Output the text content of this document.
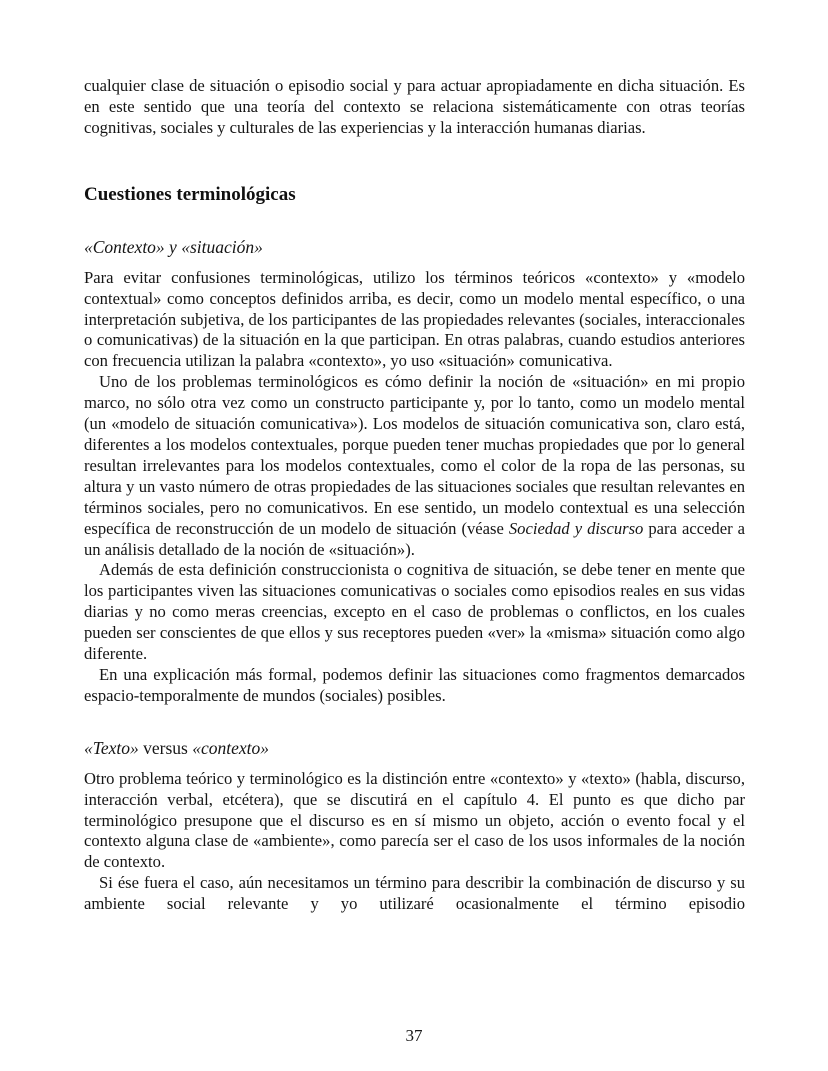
cualquier clase de situación o episodio social y para actuar apropiadamente en dicha situación. Es en este sentido que una teoría del contexto se relaciona sistemáticamente con otras teorías cognitivas, sociales y culturales de las experiencias y la interacción humanas diarias.

Cuestiones terminológicas
«Contexto» y «situación»

Para evitar confusiones terminológicas, utilizo los términos teóricos «contexto» y «modelo contextual» como conceptos definidos arriba, es decir, como un modelo mental específico, o una interpretación subjetiva, de los participantes de las propiedades relevantes (sociales, interaccionales o comunicativas) de la situación en la que participan. En otras palabras, cuando estudios anteriores con frecuencia utilizan la palabra «contexto», yo uso «situación» comunicativa.

Uno de los problemas terminológicos es cómo definir la noción de «situación» en mi propio marco, no sólo otra vez como un constructo participante y, por lo tanto, como un modelo mental (un «modelo de situación comunicativa»). Los modelos de situación comunicativa son, claro está, diferentes a los modelos contextuales, porque pueden tener muchas propiedades que por lo general resultan irrelevantes para los modelos contextuales, como el color de la ropa de las personas, su altura y un vasto número de otras propiedades de las situaciones sociales que resultan relevantes en términos sociales, pero no comunicativos. En ese sentido, un modelo contextual es una selección específica de reconstrucción de un modelo de situación (véase Sociedad y discurso para acceder a un análisis detallado de la noción de «situación»).

Además de esta definición construccionista o cognitiva de situación, se debe tener en mente que los participantes viven las situaciones comunicativas o sociales como episodios reales en sus vidas diarias y no como meras creencias, excepto en el caso de problemas o conflictos, en los cuales pueden ser conscientes de que ellos y sus receptores pueden «ver» la «misma» situación como algo diferente.

En una explicación más formal, podemos definir las situaciones como fragmentos demarcados espacio-temporalmente de mundos (sociales) posibles.

«Texto» versus «contexto»

Otro problema teórico y terminológico es la distinción entre «contexto» y «texto» (habla, discurso, interacción verbal, etcétera), que se discutirá en el capítulo 4. El punto es que dicho par terminológico presupone que el discurso es en sí mismo un objeto, acción o evento focal y el contexto alguna clase de «ambiente», como parecía ser el caso de los usos informales de la noción de contexto.

Si ése fuera el caso, aún necesitamos un término para describir la combinación de discurso y su ambiente social relevante y yo utilizaré ocasionalmente el término episodio

37
